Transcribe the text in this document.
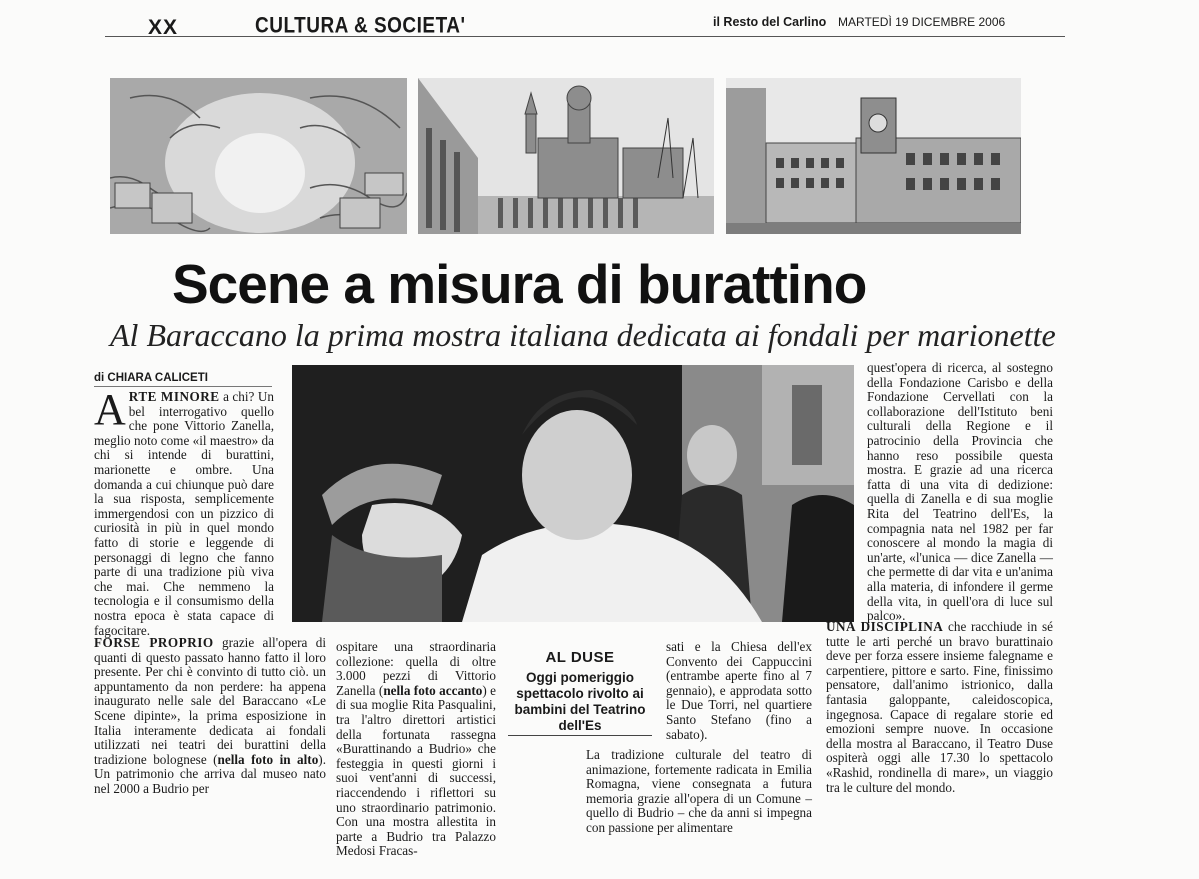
XX	CULTURA & SOCIETA'	il Resto del Carlino MARTEDÌ 19 DICEMBRE 2006
Scene a misura di burattino
Al Baraccano la prima mostra italiana dedicata ai fondali per marionette
di CHIARA CALICETI

ARTE MINORE a chi? Un bel interrogativo quello che pone Vittorio Zanella, meglio noto come «il maestro» da chi si intende di burattini, marionette e ombre. Una domanda a cui chiunque può dare la sua risposta, semplicemente immergendosi con un pizzico di curiosità in più in quel mondo fatto di storie e leggende di personaggi di legno che fanno parte di una tradizione più viva che mai. Che nemmeno la tecnologia e il consumismo della nostra epoca è stata capace di fagocitare.

FORSE PROPRIO grazie all'opera di quanti di questo passato hanno fatto il loro presente. Per chi è convinto di tutto ciò. un appuntamento da non perdere: ha appena inaugurato nelle sale del Baraccano «Le Scene dipinte», la prima esposizione in Italia interamente dedicata ai fondali utilizzati nei teatri dei burattini della tradizione bolognese (nella foto in alto). Un patrimonio che arriva dal museo nato nel 2000 a Budrio per

ospitare una straordinaria collezione: quella di oltre 3.000 pezzi di Vittorio Zanella (nella foto accanto) e di sua moglie Rita Pasqualini, tra l'altro direttori artistici della fortunata rassegna «Burattinando a Budrio» che festeggia in questi giorni i suoi vent'anni di successi, riaccendendo i riflettori su uno straordinario patrimonio. Con una mostra allestita in parte a Budrio tra Palazzo Medosi Fracas-

AL DUSE
Oggi pomeriggio spettacolo rivolto ai bambini del Teatrino dell'Es

sati e la Chiesa dell'ex Convento dei Cappuccini (entrambe aperte fino al 7 gennaio), e approdata sotto le Due Torri, nel quartiere Santo Stefano (fino a sabato).

La tradizione culturale del teatro di animazione, fortemente radicata in Emilia Romagna, viene consegnata a futura memoria grazie all'opera di un Comune – quello di Budrio – che da anni si impegna con passione per alimentare

quest'opera di ricerca, al sostegno della Fondazione Carisbo e della Fondazione Cervellati con la collaborazione dell'Istituto beni culturali della Regione e il patrocinio della Provincia che hanno reso possibile questa mostra. E grazie ad una ricerca fatta di una vita di dedizione: quella di Zanella e di sua moglie Rita del Teatrino dell'Es, la compagnia nata nel 1982 per far conoscere al mondo la magia di un'arte, «l'unica — dice Zanella — che permette di dar vita e un'anima alla materia, di infondere il germe della vita, in quell'ora di luce sul palco».

UNA DISCIPLINA che racchiude in sé tutte le arti perché un bravo burattinaio deve per forza essere insieme falegname e carpentiere, pittore e sarto. Fine, finissimo pensatore, dall'animo istrionico, dalla fantasia galoppante, caleidoscopica, ingegnosa. Capace di regalare storie ed emozioni sempre nuove. In occasione della mostra al Baraccano, il Teatro Duse ospiterà oggi alle 17.30 lo spettacolo «Rashid, rondinella di mare», un viaggio tra le culture del mondo.
